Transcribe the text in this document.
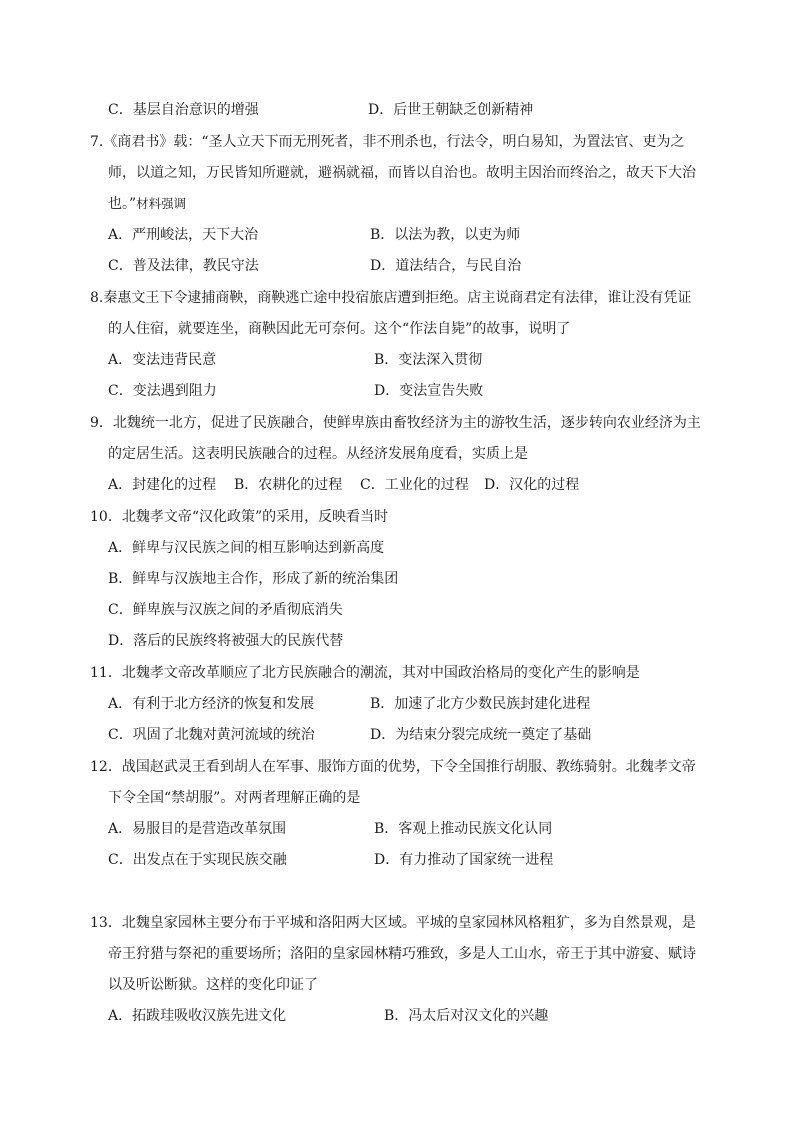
C．基层自治意识的增强	D．后世王朝缺乏创新精神
7.《商君书》载：“圣人立天下而无刑死者，非不刑杀也，行法令，明白易知，为置法官、吏为之
师，以道之知，万民皆知所避就，避祸就福，而皆以自治也。故明主因治而终治之，故天下大治
也。”材料强调
A．严刑峻法，天下大治	B．以法为教，以吏为师
C．普及法律，教民守法	D．道法结合，与民自治
8.秦惠文王下令逮捕商鞅，商鞅逃亡途中投宿旅店遭到拒绝。店主说商君定有法律，谁让没有凭证
的人住宿，就要连坐，商鞅因此无可奈何。这个“作法自毙”的故事，说明了
A．变法违背民意	B．变法深入贯彻
C．变法遇到阻力	D．变法宣告失败
9．北魏统一北方，促进了民族融合，使鲜卑族由畜牧经济为主的游牧生活，逐步转向农业经济为主
的定居生活。这表明民族融合的过程。从经济发展角度看，实质上是
A．封建化的过程 B．农耕化的过程 C．工业化的过程 D．汉化的过程
10．北魏孝文帝“汉化政策”的采用，反映看当时
A．鲜卑与汉民族之间的相互影响达到新高度
B．鲜卑与汉族地主合作，形成了新的统治集团
C．鲜卑族与汉族之间的矛盾彻底消失
D．落后的民族终将被强大的民族代替
11．北魏孝文帝改革顺应了北方民族融合的潮流，其对中国政治格局的变化产生的影响是
A．有利于北方经济的恢复和发展	B．加速了北方少数民族封建化进程
C．巩固了北魏对黄河流域的统治	D．为结束分裂完成统一奠定了基础
12．战国赵武灵王看到胡人在军事、服饰方面的优势，下令全国推行胡服、教练骑射。北魏孝文帝
下令全国“禁胡服”。对两者理解正确的是
A．易服目的是营造改革氛围	B．客观上推动民族文化认同
C．出发点在于实现民族交融	D．有力推动了国家统一进程
13．北魏皇家园林主要分布于平城和洛阳两大区域。平城的皇家园林风格粗犷，多为自然景观，是
帝王狩猎与祭祀的重要场所；洛阳的皇家园林精巧雅致，多是人工山水，帝王于其中游宴、赋诗
以及听讼断狱。这样的变化印证了
A．拓跋珪吸收汉族先进文化	B．冯太后对汉文化的兴趣
